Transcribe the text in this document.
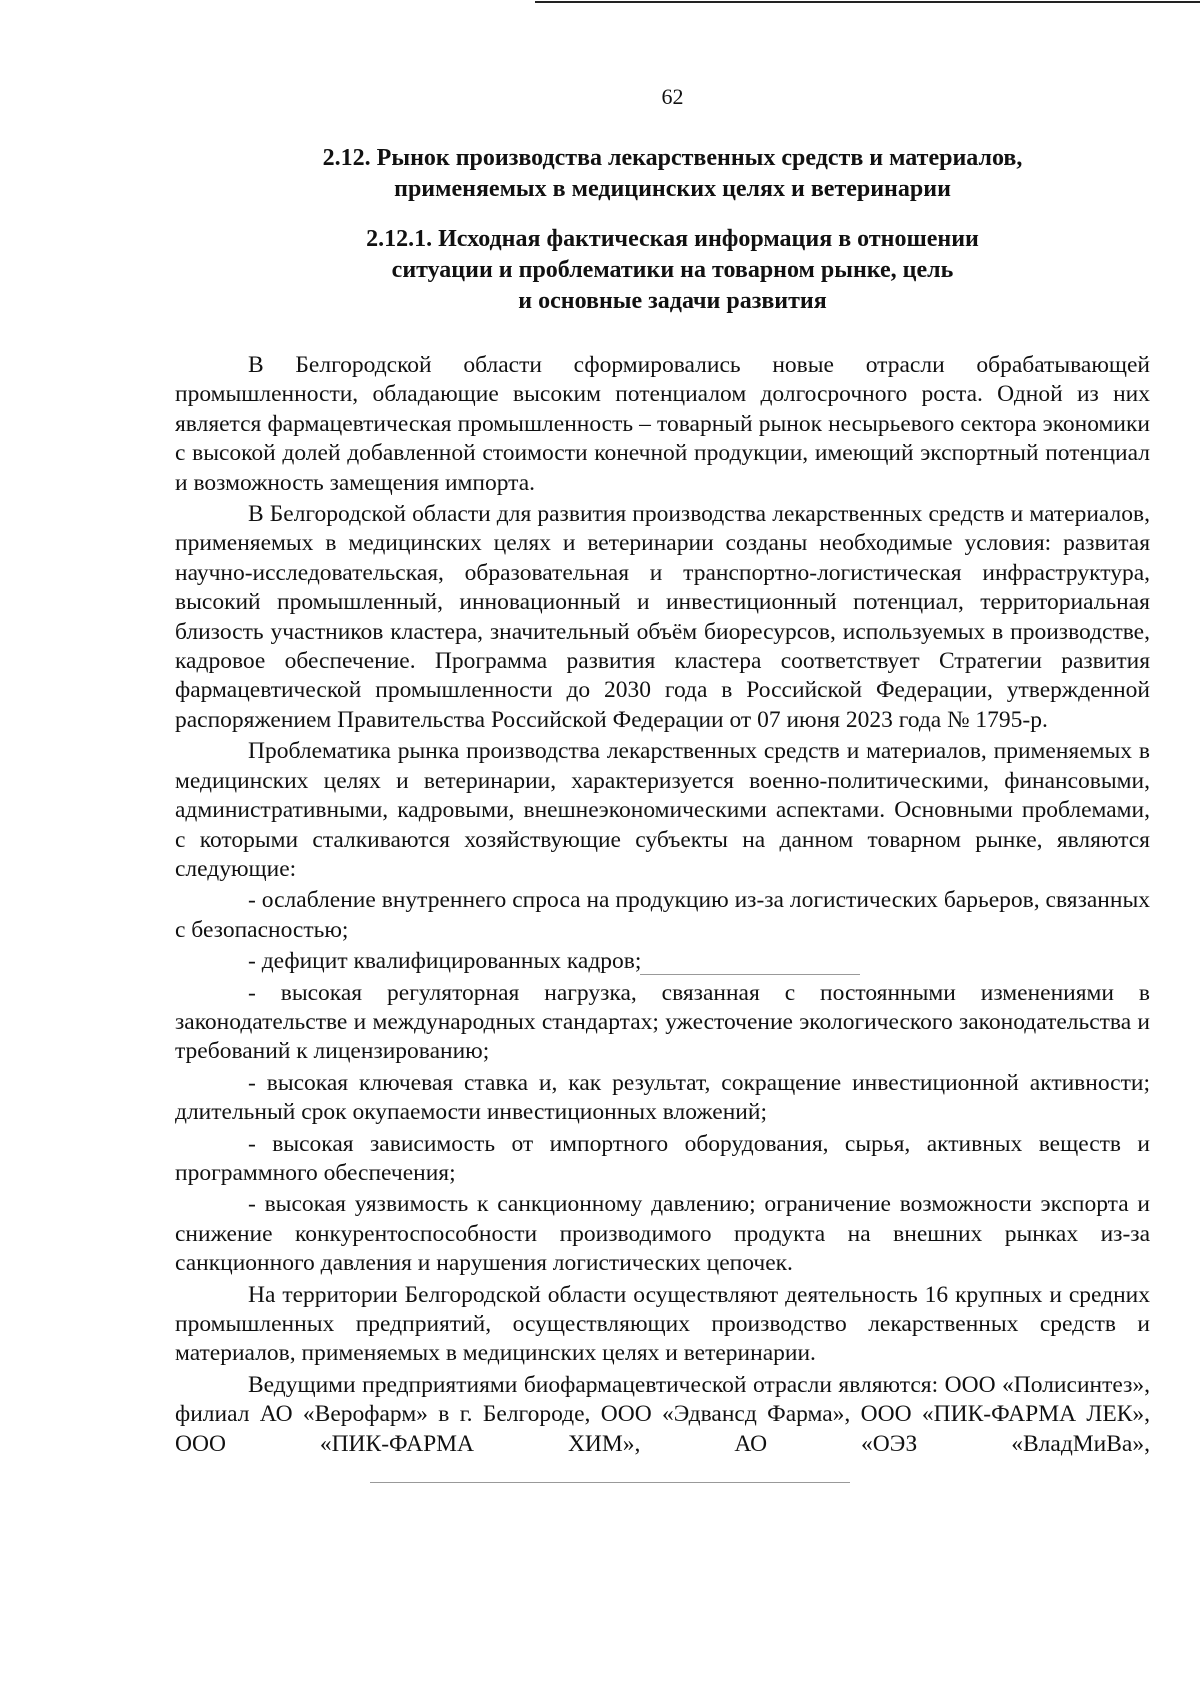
62
2.12. Рынок производства лекарственных средств и материалов,
применяемых в медицинских целях и ветеринарии
2.12.1. Исходная фактическая информация в отношении
ситуации и проблематики на товарном рынке, цель
и основные задачи развития

В Белгородской области сформировались новые отрасли обрабатывающей промышленности, обладающие высоким потенциалом долгосрочного роста. Одной из них является фармацевтическая промышленность – товарный рынок несырьевого сектора экономики с высокой долей добавленной стоимости конечной продукции, имеющий экспортный потенциал и возможность замещения импорта.

В Белгородской области для развития производства лекарственных средств и материалов, применяемых в медицинских целях и ветеринарии созданы необходимые условия: развитая научно-исследовательская, образовательная и транспортно-логистическая инфраструктура, высокий промышленный, инновационный и инвестиционный потенциал, территориальная близость участников кластера, значительный объём биоресурсов, используемых в производстве, кадровое обеспечение. Программа развития кластера соответствует Стратегии развития фармацевтической промышленности до 2030 года в Российской Федерации, утвержденной распоряжением Правительства Российской Федерации от 07 июня 2023 года № 1795-р.

Проблематика рынка производства лекарственных средств и материалов, применяемых в медицинских целях и ветеринарии, характеризуется военно-политическими, финансовыми, административными, кадровыми, внешнеэкономическими аспектами. Основными проблемами, с которыми сталкиваются хозяйствующие субъекты на данном товарном рынке, являются следующие:

- ослабление внутреннего спроса на продукцию из-за логистических барьеров, связанных с безопасностью;

- дефицит квалифицированных кадров;

- высокая регуляторная нагрузка, связанная с постоянными изменениями в законодательстве и международных стандартах; ужесточение экологического законодательства и требований к лицензированию;

- высокая ключевая ставка и, как результат, сокращение инвестиционной активности; длительный срок окупаемости инвестиционных вложений;

- высокая зависимость от импортного оборудования, сырья, активных веществ и программного обеспечения;

- высокая уязвимость к санкционному давлению; ограничение возможности экспорта и снижение конкурентоспособности производимого продукта на внешних рынках из-за санкционного давления и нарушения логистических цепочек.

На территории Белгородской области осуществляют деятельность 16 крупных и средних промышленных предприятий, осуществляющих производство лекарственных средств и материалов, применяемых в медицинских целях и ветеринарии.

Ведущими предприятиями биофармацевтической отрасли являются: ООО «Полисинтез», филиал АО «Верофарм» в г. Белгороде, ООО «Эдвансд Фарма», ООО «ПИК-ФАРМА ЛЕК», ООО «ПИК-ФАРМА ХИМ», АО «ОЭЗ «ВладМиВа»,
